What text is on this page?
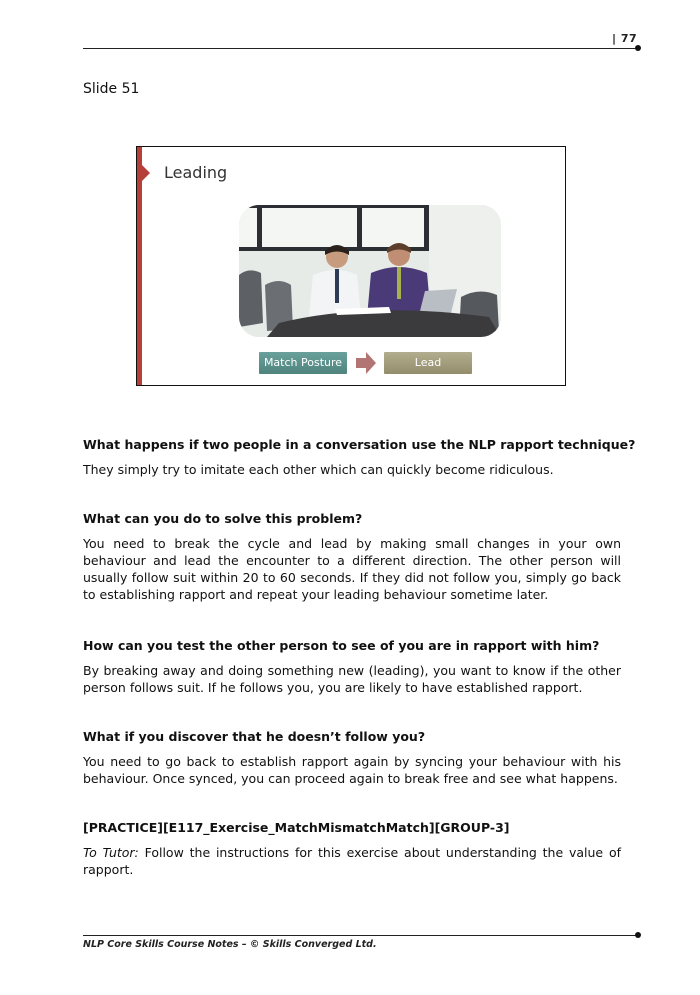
| 77
Slide 51
Leading
Match Posture	Lead
What happens if two people in a conversation use the NLP rapport technique?
They simply try to imitate each other which can quickly become ridiculous.
What can you do to solve this problem?
You need to break the cycle and lead by making small changes in your own behaviour and lead the encounter to a different direction. The other person will usually follow suit within 20 to 60 seconds. If they did not follow you, simply go back to establishing rapport and repeat your leading behaviour sometime later.
How can you test the other person to see of you are in rapport with him?
By breaking away and doing something new (leading), you want to know if the other person follows suit. If he follows you, you are likely to have established rapport.
What if you discover that he doesn’t follow you?
You need to go back to establish rapport again by syncing your behaviour with his behaviour. Once synced, you can proceed again to break free and see what happens.
[PRACTICE][E117_Exercise_MatchMismatchMatch][GROUP-3]
To Tutor: Follow the instructions for this exercise about understanding the value of rapport.
NLP Core Skills Course Notes – © Skills Converged Ltd.
